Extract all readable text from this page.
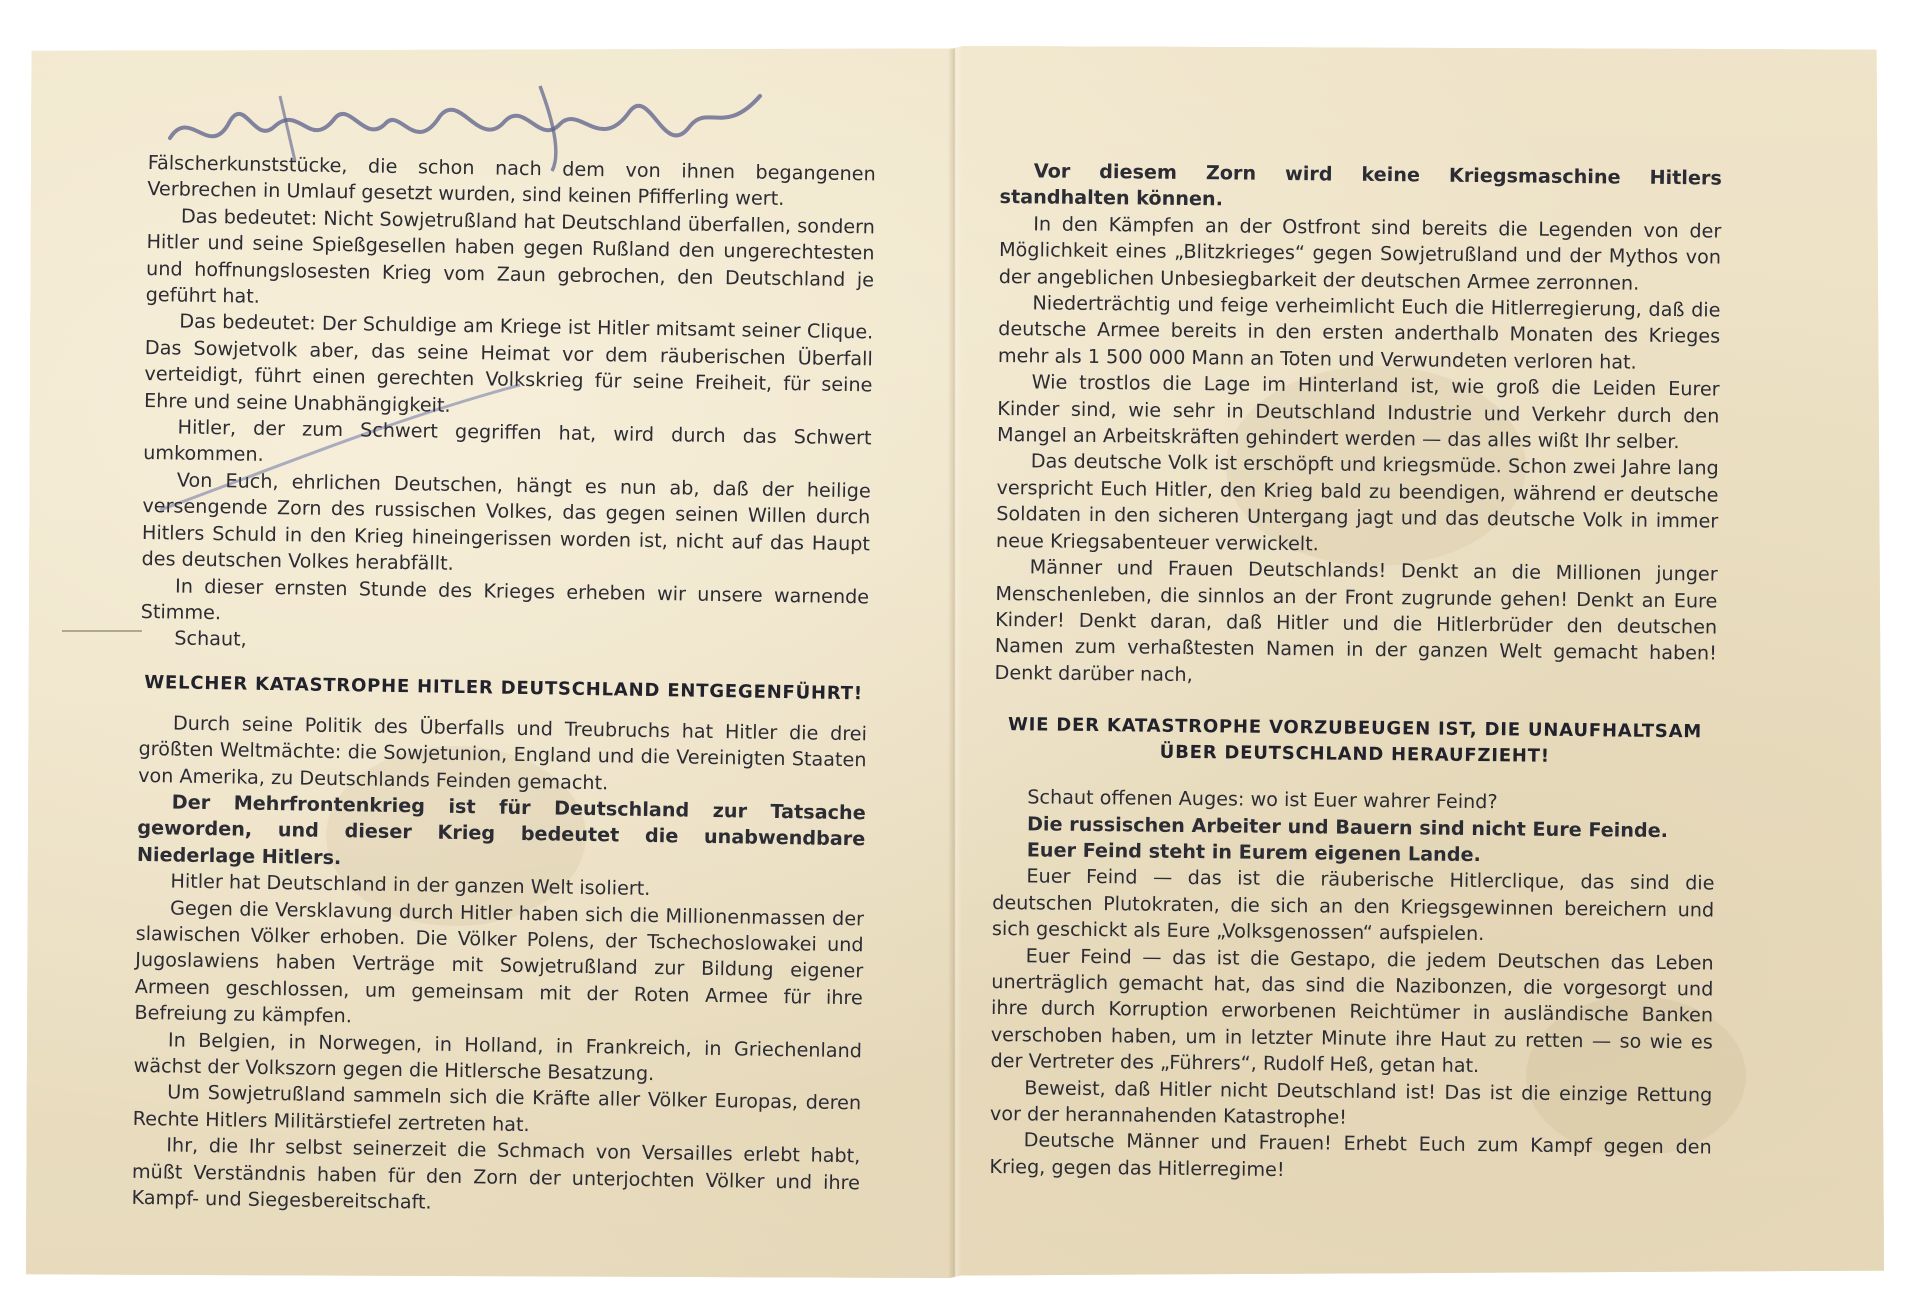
Fälscherkunststücke, die schon nach dem von ihnen begangenen Verbrechen in Umlauf gesetzt wurden, sind keinen Pfifferling wert.

Das bedeutet: Nicht Sowjetrußland hat Deutschland überfallen, sondern Hitler und seine Spießgesellen haben gegen Rußland den ungerechtesten und hoffnungslosesten Krieg vom Zaun gebrochen, den Deutschland je geführt hat.

Das bedeutet: Der Schuldige am Kriege ist Hitler mitsamt seiner Clique. Das Sowjetvolk aber, das seine Heimat vor dem räuberischen Überfall verteidigt, führt einen gerechten Volkskrieg für seine Freiheit, für seine Ehre und seine Unabhängigkeit.

Hitler, der zum Schwert gegriffen hat, wird durch das Schwert umkommen.

Von Euch, ehrlichen Deutschen, hängt es nun ab, daß der heilige versengende Zorn des russischen Volkes, das gegen seinen Willen durch Hitlers Schuld in den Krieg hineingerissen worden ist, nicht auf das Haupt des deutschen Volkes herabfällt.

In dieser ernsten Stunde des Krieges erheben wir unsere warnende Stimme.

Schaut,

WELCHER KATASTROPHE HITLER DEUTSCHLAND ENTGEGENFÜHRT!

Durch seine Politik des Überfalls und Treubruchs hat Hitler die drei größten Weltmächte: die Sowjetunion, England und die Vereinigten Staaten von Amerika, zu Deutschlands Feinden gemacht.

Der Mehrfrontenkrieg ist für Deutschland zur Tatsache geworden, und dieser Krieg bedeutet die unabwendbare Niederlage Hitlers.

Hitler hat Deutschland in der ganzen Welt isoliert.

Gegen die Versklavung durch Hitler haben sich die Millionenmassen der slawischen Völker erhoben. Die Völker Polens, der Tschechoslowakei und Jugoslawiens haben Verträge mit Sowjetrußland zur Bildung eigener Armeen geschlossen, um gemeinsam mit der Roten Armee für ihre Befreiung zu kämpfen.

In Belgien, in Norwegen, in Holland, in Frankreich, in Griechenland wächst der Volkszorn gegen die Hitlersche Besatzung.

Um Sowjetrußland sammeln sich die Kräfte aller Völker Europas, deren Rechte Hitlers Militärstiefel zertreten hat.

Ihr, die Ihr selbst seinerzeit die Schmach von Versailles erlebt habt, müßt Verständnis haben für den Zorn der unterjochten Völker und ihre Kampf- und Siegesbereitschaft.

Vor diesem Zorn wird keine Kriegsmaschine Hitlers standhalten können.

In den Kämpfen an der Ostfront sind bereits die Legenden von der Möglichkeit eines „Blitzkrieges“ gegen Sowjetrußland und der Mythos von der angeblichen Unbesiegbarkeit der deutschen Armee zerronnen.

Niederträchtig und feige verheimlicht Euch die Hitlerregierung, daß die deutsche Armee bereits in den ersten anderthalb Monaten des Krieges mehr als 1 500 000 Mann an Toten und Verwundeten verloren hat.

Wie trostlos die Lage im Hinterland ist, wie groß die Leiden Eurer Kinder sind, wie sehr in Deutschland Industrie und Verkehr durch den Mangel an Arbeitskräften gehindert werden — das alles wißt Ihr selber.

Das deutsche Volk ist erschöpft und kriegsmüde. Schon zwei Jahre lang verspricht Euch Hitler, den Krieg bald zu beendigen, während er deutsche Soldaten in den sicheren Untergang jagt und das deutsche Volk in immer neue Kriegsabenteuer verwickelt.

Männer und Frauen Deutschlands! Denkt an die Millionen junger Menschenleben, die sinnlos an der Front zugrunde gehen! Denkt an Eure Kinder! Denkt daran, daß Hitler und die Hitlerbrüder den deutschen Namen zum verhaßtesten Namen in der ganzen Welt gemacht haben! Denkt darüber nach,

WIE DER KATASTROPHE VORZUBEUGEN IST, DIE UNAUFHALTSAM ÜBER DEUTSCHLAND HERAUFZIEHT!

Schaut offenen Auges: wo ist Euer wahrer Feind?

Die russischen Arbeiter und Bauern sind nicht Eure Feinde.

Euer Feind steht in Eurem eigenen Lande.

Euer Feind — das ist die räuberische Hitlerclique, das sind die deutschen Plutokraten, die sich an den Kriegsgewinnen bereichern und sich geschickt als Eure „Volksgenossen“ aufspielen.

Euer Feind — das ist die Gestapo, die jedem Deutschen das Leben unerträglich gemacht hat, das sind die Nazibonzen, die vorgesorgt und ihre durch Korruption erworbenen Reichtümer in ausländische Banken verschoben haben, um in letzter Minute ihre Haut zu retten — so wie es der Vertreter des „Führers“, Rudolf Heß, getan hat.

Beweist, daß Hitler nicht Deutschland ist! Das ist die einzige Rettung vor der herannahenden Katastrophe!

Deutsche Männer und Frauen! Erhebt Euch zum Kampf gegen den Krieg, gegen das Hitlerregime!
